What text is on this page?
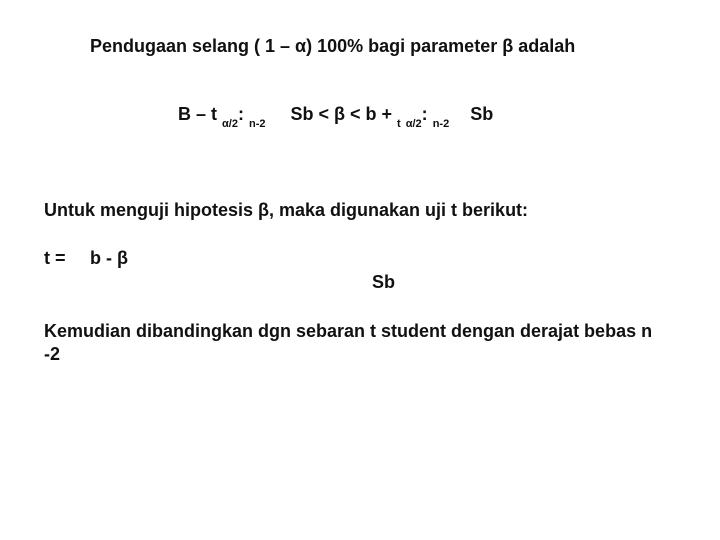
Pendugaan selang ( 1 – α) 100% bagi parameter β adalah
B – t $_{\alpha/2}$: $_{n-2}$ Sb < β < b + $_t$ $_{\alpha/2}$: $_{n-2}$ Sb
Untuk menguji hipotesis β, maka digunakan uji t berikut:
t = b - β
Sb
Kemudian dibandingkan dgn sebaran t student dengan derajat bebas n -2
